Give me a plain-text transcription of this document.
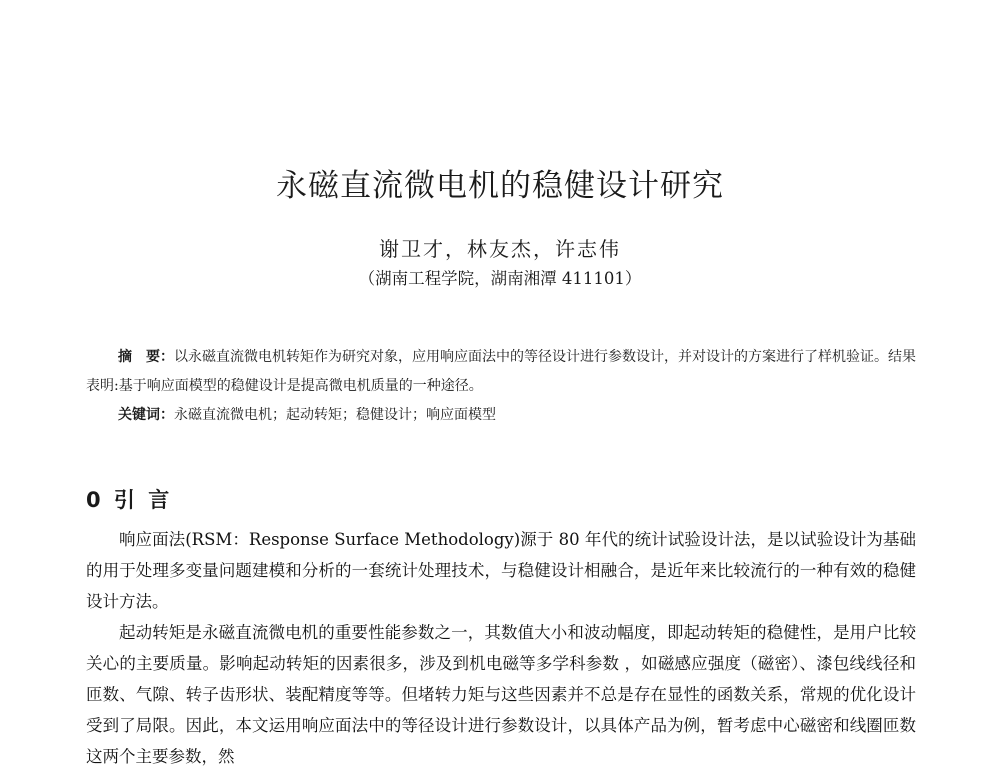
永磁直流微电机的稳健设计研究
谢卫才，林友杰，许志伟
（湖南工程学院，湖南湘潭 411101）

摘　要：以永磁直流微电机转矩作为研究对象，应用响应面法中的等径设计进行参数设计，并对设计的方案进行了样机验证。结果表明:基于响应面模型的稳健设计是提高微电机质量的一种途径。

关键词：永磁直流微电机；起动转矩；稳健设计；响应面模型

0 引 言

响应面法(RSM：Response Surface Methodology)源于 80 年代的统计试验设计法，是以试验设计为基础的用于处理多变量问题建模和分析的一套统计处理技术，与稳健设计相融合，是近年来比较流行的一种有效的稳健设计方法。

起动转矩是永磁直流微电机的重要性能参数之一，其数值大小和波动幅度，即起动转矩的稳健性，是用户比较关心的主要质量。影响起动转矩的因素很多，涉及到机电磁等多学科参数 ，如磁感应强度（磁密）、漆包线线径和匝数、气隙、转子齿形状、装配精度等等。但堵转力矩与这些因素并不总是存在显性的函数关系，常规的优化设计受到了局限。因此，本文运用响应面法中的等径设计进行参数设计，以具体产品为例，暂考虑中心磁密和线圈匝数这两个主要参数，然
